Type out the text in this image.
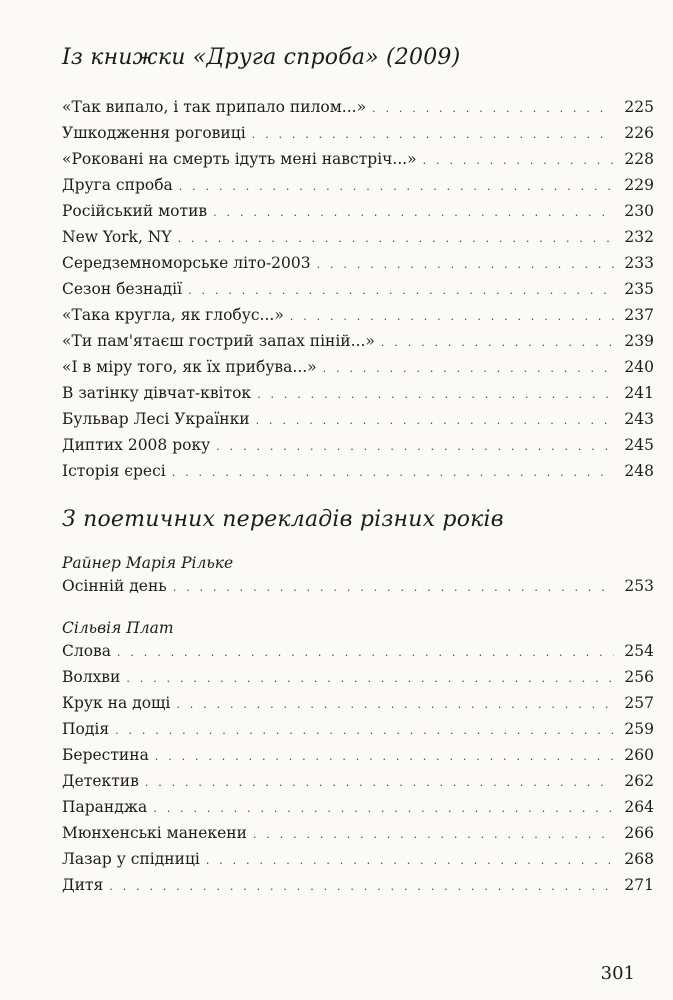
Із книжки «Друга спроба» (2009)
«Так випало, і так припало пилом...» . . .	225
Ушкодження роговиці . . .	226
«Роковані на смерть ідуть мені навстріч...» . . .	228
Друга спроба . . .	229
Російський мотив . . .	230
New York, NY . . .	232
Середземноморське літо-2003 . . .	233
Сезон безнадії . . .	235
«Така кругла, як глобус...» . . .	237
«Ти пам'ятаєш гострий запах піній...» . . .	239
«І в міру того, як їх прибува...» . . .	240
В затінку дівчат-квіток . . .	241
Бульвар Лесі Українки . . .	243
Диптих 2008 року . . .	245
Історія єресі . . .	248
З поетичних перекладів різних років
Райнер Марія Рільке
Осінній день . . .	253
Сільвія Плат
Слова . . .	254
Волхви . . .	256
Крук на дощі . . .	257
Подія . . .	259
Берестина . . .	260
Детектив . . .	262
Паранджа . . .	264
Мюнхенські манекени . . .	266
Лазар у спідниці . . .	268
Дитя . . .	271
301
